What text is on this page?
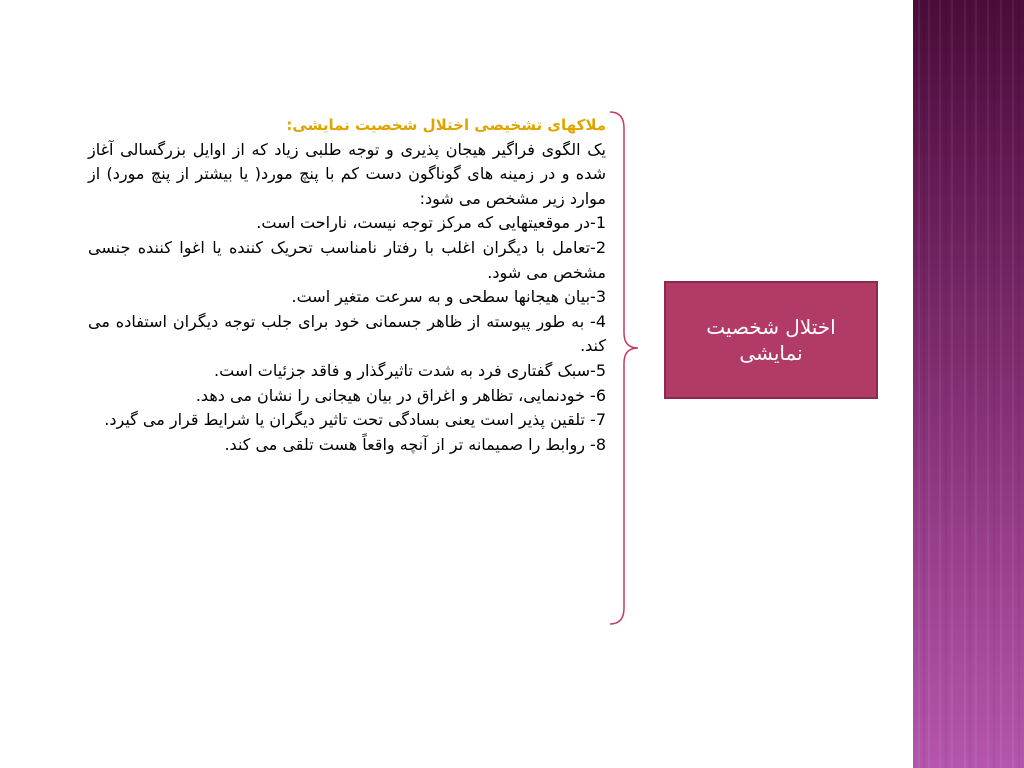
ملاکهای تشخیصی اختلال شخصیت نمایشی:

یک الگوی فراگیر هیجان پذیری و توجه طلبی زیاد که از اوایل بزرگسالی آغاز شده و در زمینه های گوناگون دست کم با پنچ مورد( یا بیشتر از پنچ مورد) از موارد زیر مشخص می شود:

1-در موقعیتهایی که مرکز توجه نیست، ناراحت است.

2-تعامل با دیگران اغلب با رفتار نامناسب تحریک کننده یا اغوا کننده جنسی مشخص می شود.

3-بیان هیجانها سطحی و به سرعت متغیر است.

4- به طور پیوسته از ظاهر جسمانی خود برای جلب توجه دیگران استفاده می کند.

5-سبک گفتاری فرد به شدت تاثیرگذار و فاقد جزئیات است.

6- خودنمایی، تظاهر و اغراق در بیان هیجانی را نشان می دهد.

7- تلقین پذیر است یعنی بسادگی تحت تاثیر دیگران یا شرایط قرار می گیرد.

8- روابط را صمیمانه تر از آنچه واقعاً هست تلقی می کند.

اختلال شخصیت نمایشی
